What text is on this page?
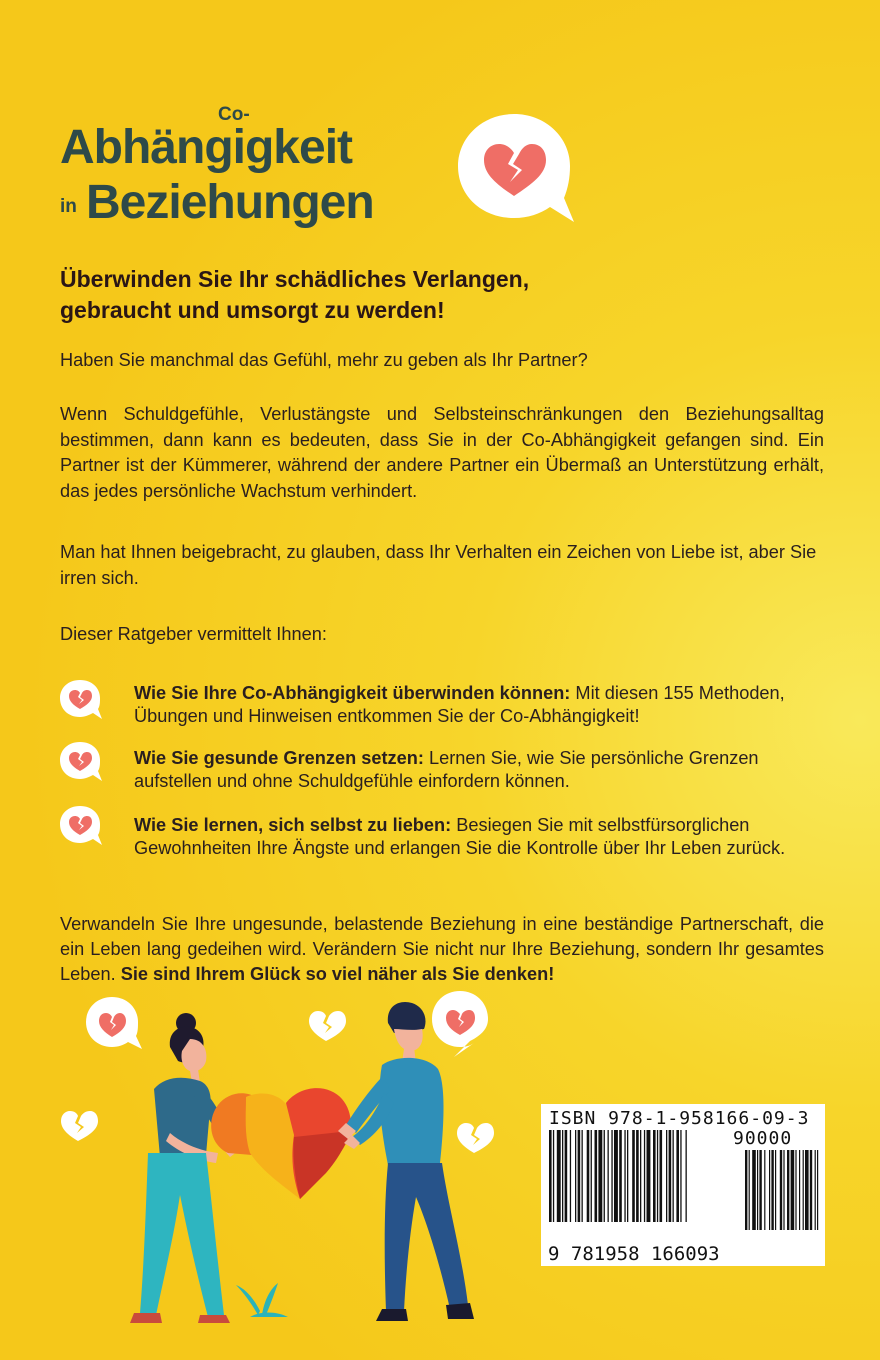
Co-
Abhängigkeit
in Beziehungen
Überwinden Sie Ihr schädliches Verlangen,
gebraucht und umsorgt zu werden!
Haben Sie manchmal das Gefühl, mehr zu geben als Ihr Partner?
Wenn Schuldgefühle, Verlustängste und Selbsteinschränkungen den Beziehungsalltag bestimmen, dann kann es bedeuten, dass Sie in der Co-Abhängigkeit gefangen sind. Ein Partner ist der Kümmerer, während der andere Partner ein Übermaß an Unterstützung erhält, das jedes persönliche Wachstum verhindert.
Man hat Ihnen beigebracht, zu glauben, dass Ihr Verhalten ein Zeichen von Liebe ist, aber Sie irren sich.
Dieser Ratgeber vermittelt Ihnen:
Wie Sie Ihre Co-Abhängigkeit überwinden können: Mit diesen 155 Methoden, Übungen und Hinweisen entkommen Sie der Co-Abhängigkeit!
Wie Sie gesunde Grenzen setzen: Lernen Sie, wie Sie persönliche Grenzen aufstellen und ohne Schuldgefühle einfordern können.
Wie Sie lernen, sich selbst zu lieben: Besiegen Sie mit selbstfürsorglichen Gewohnheiten Ihre Ängste und erlangen Sie die Kontrolle über Ihr Leben zurück.
Verwandeln Sie Ihre ungesunde, belastende Beziehung in eine beständige Partnerschaft, die ein Leben lang gedeihen wird. Verändern Sie nicht nur Ihre Beziehung, sondern Ihr gesamtes Leben. Sie sind Ihrem Glück so viel näher als Sie denken!
ISBN 978-1-958166-09-3
90000
9 781958 166093
